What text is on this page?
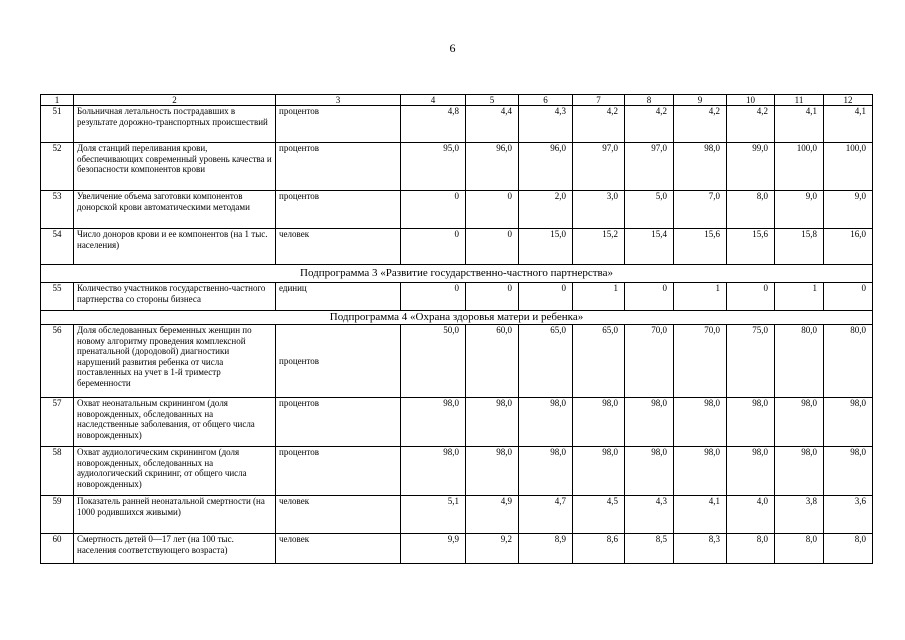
6
1	2	3	4	5	6	7	8	9	10	11	12
51	Больничная летальность пострадавших в результате дорожно-транспортных происшествий	процентов	4,8	4,4	4,3	4,2	4,2	4,2	4,2	4,1	4,1
52	Доля станций переливания крови, обеспечивающих современный уровень качества и безопасности компонентов крови	процентов	95,0	96,0	96,0	97,0	97,0	98,0	99,0	100,0	100,0
53	Увеличение объема заготовки компонентов донорской крови автоматическими методами	процентов	0	0	2,0	3,0	5,0	7,0	8,0	9,0	9,0
54	Число доноров крови и ее компонентов (на 1 тыс. населения)	человек	0	0	15,0	15,2	15,4	15,6	15,6	15,8	16,0
Подпрограмма 3 «Развитие государственно-частного партнерства»											
55	Количество участников государственно-частного партнерства со стороны бизнеса	единиц	0	0	0	1	0	1	0	1	0
Подпрограмма 4 «Охрана здоровья матери и ребенка»											
56	Доля обследованных беременных женщин по новому алгоритму проведения комплексной пренатальной (дородовой) диагностики нарушений развития ребенка от числа поставленных на учет в 1-й триместр беременности	процентов	50,0	60,0	65,0	65,0	70,0	70,0	75,0	80,0	80,0
57	Охват неонатальным скринингом (доля новорожденных, обследованных на наследственные заболевания, от общего числа новорожденных)	процентов	98,0	98,0	98,0	98,0	98,0	98,0	98,0	98,0	98,0
58	Охват аудиологическим скринингом (доля новорожденных, обследованных на аудиологический скрининг, от общего числа новорожденных)	процентов	98,0	98,0	98,0	98,0	98,0	98,0	98,0	98,0	98,0
59	Показатель ранней неонатальной смертности (на 1000 родившихся живыми)	человек	5,1	4,9	4,7	4,5	4,3	4,1	4,0	3,8	3,6
60	Смертность детей 0—17 лет (на 100 тыс. населения соответствующего возраста)	человек	9,9	9,2	8,9	8,6	8,5	8,3	8,0	8,0	8,0
